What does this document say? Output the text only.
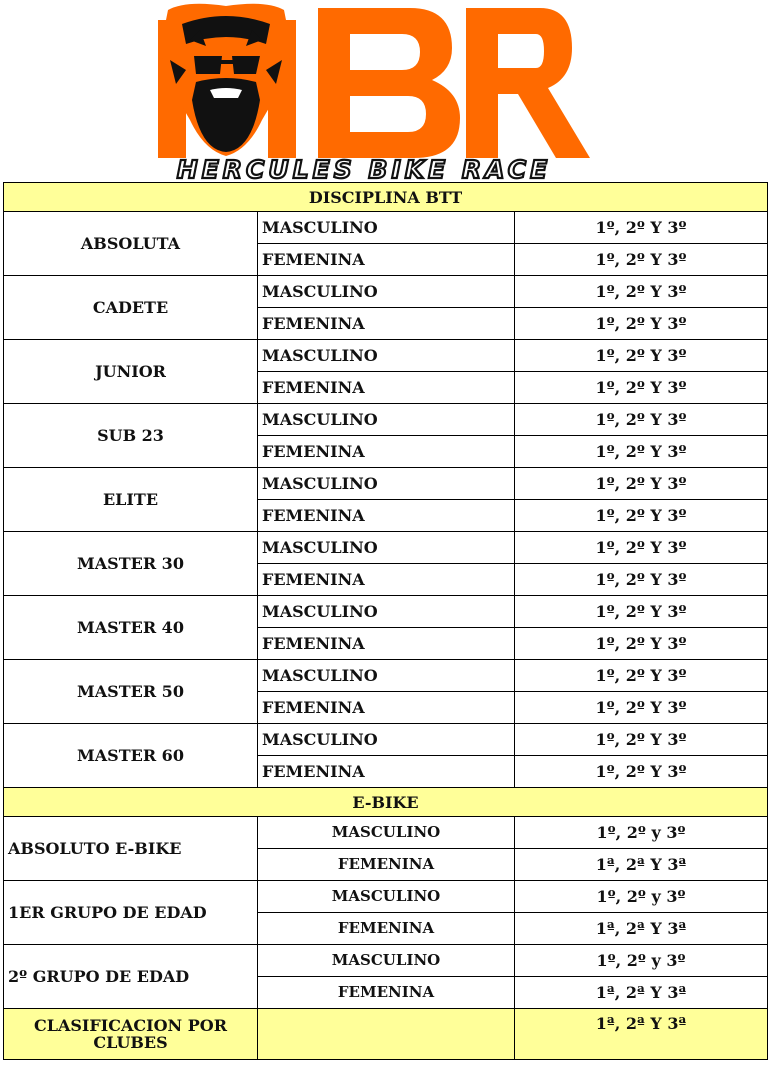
HERCULES BIKE RACE
DISCIPLINA BTT		
ABSOLUTA	MASCULINO	1º, 2º Y 3º
	FEMENINA	1º, 2º Y 3º
CADETE	MASCULINO	1º, 2º Y 3º
	FEMENINA	1º, 2º Y 3º
JUNIOR	MASCULINO	1º, 2º Y 3º
	FEMENINA	1º, 2º Y 3º
SUB 23	MASCULINO	1º, 2º Y 3º
	FEMENINA	1º, 2º Y 3º
ELITE	MASCULINO	1º, 2º Y 3º
	FEMENINA	1º, 2º Y 3º
MASTER 30	MASCULINO	1º, 2º Y 3º
	FEMENINA	1º, 2º Y 3º
MASTER 40	MASCULINO	1º, 2º Y 3º
	FEMENINA	1º, 2º Y 3º
MASTER 50	MASCULINO	1º, 2º Y 3º
	FEMENINA	1º, 2º Y 3º
MASTER 60	MASCULINO	1º, 2º Y 3º
	FEMENINA	1º, 2º Y 3º
E-BIKE		
ABSOLUTO E-BIKE	MASCULINO	1º, 2º y 3º
	FEMENINA	1ª, 2ª Y 3ª
1ER GRUPO DE EDAD	MASCULINO	1º, 2º y 3º
	FEMENINA	1ª, 2ª Y 3ª
2º GRUPO DE EDAD	MASCULINO	1º, 2º y 3º
	FEMENINA	1ª, 2ª Y 3ª
CLASIFICACION POR CLUBES		1ª, 2ª Y 3ª
